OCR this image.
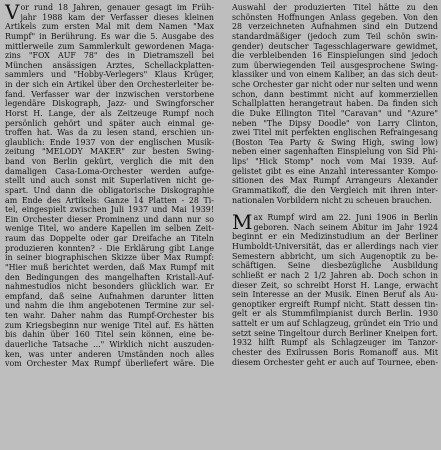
V or rund 18 Jahren, genauer gesagt im Früh-
jahr 1988 kam der Verfasser dieses kleinen
Artikels zum ersten Mal mit dem Namen "Max
Rumpf" in Berührung. Es war die 5. Ausgabe des
mittlerweile zum Sammlerkult gewordenen Maga-
zins "FOX AUF 78" des in Dietramszell bei
München ansässigen Arztes, Schellackplatten-
sammlers und "Hobby-Verlegers" Klaus Krüger,
in der sich ein Artikel über den Orchesterleiter be-
fand. Verfasser war der inzwischen verstorbene
legendäre Diskograph, Jazz- und Swingforscher
Horst H. Lange, der als Zeitzeuge Rumpf noch
persönlich gehört und später auch einmal ge-
troffen hat. Was da zu lesen stand, erschien un-
glaublich: Ende 1937 von der englischen Musik-
zeitung "MELODY MAKER" zur besten Swing-
band von Berlin gekürt, verglich die mit den
damaligen Casa-Loma-Orchester werden aufge-
stellt und auch sonst mit Superlativen nicht ge-
spart. Und dann die obligatorische Diskographie
am Ende des Artikels: Ganze 14 Platten - 28 Ti-
tel, eingespielt zwischen Juli 1937 und Mai 1939!
Ein Orchester dieser Prominenz und dann nur so
wenige Titel, wo andere Kapellen im selben Zeit-
raum das Doppelte oder gar Dreifache an Titeln
produzieren konnten? - Die Erklärung gibt Lange
in seiner biographischen Skizze über Max Rumpf:
"Hier muß berichtet werden, daß Max Rumpf mit
den Bedingungen des mangelhaften Kristall-Auf-
nahmestudios nicht besonders glücklich war. Er
empfand, daß seine Aufnahmen darunter litten
und nahm die ihm angebotenen Termine zur sel-
ten wahr. Daher nahm das Rumpf-Orchester bis
zum Kriegsbeginn nur wenige Titel auf. Es hätten
bis dahin über 160 Titel sein können, eine be-
dauerliche Tatsache ..." Wirklich nicht auszuden-
ken, was unter anderen Umständen noch alles
vom Orchester Max Rumpf überliefert wäre. Die
Auswahl der produzierten Titel hätte zu den
schönsten Hoffnungen Anlass gegeben. Von den
28 verzeichneten Aufnahmen sind ein Dutzend
standardmäßiger (jedoch zum Teil schön swin-
gender) deutscher Tagesschlagerware gewidmet,
die verbleibenden 16 Einspielungen sind jedoch
zum überwiegenden Teil ausgesprochene Swing-
klassiker und von einem Kaliber, an das sich deut-
sche Orchester gar nicht oder nur selten und wenn
schon, dann bestimmt nicht auf kommerziellen
Schallplatten herangetraut haben. Da finden sich
die Duke Ellington Titel "Caravan" und "Azure"
neben "The Dipsy Doodle" von Larry Clinton,
zwei Titel mit perfekten englischen Refraingesang
(Boston Tea Party & Swing High, swing low)
neben einer sagenhaften Einspielung von Sid Phi-
lips' "Hick Stomp" noch vom Mai 1939. Auf-
gelistet gibt es eine Anzahl interessanter Kompo-
sitionen des Max Rumpf Arrangeurs Alexander
Grammatikoff, die den Vergleich mit ihren inter-
nationalen Vorbildern nicht zu scheuen brauchen.
M ax Rumpf wird am 22. Juni 1906 in Berlin
geboren. Nach seinem Abitur im Jahr 1924
beginnt er ein Medizinstudium an der Berliner
Humboldt-Universität, das er allerdings nach vier
Semestern abbricht, um sich Augenoptik zu be-
schäftigen. Seine diesbezügliche Ausbildung
schließt er nach 2 1/2 Jahren ab. Doch schon in
dieser Zeit, so schreibt Horst H. Lange, erwacht
sein Interesse an der Musik. Einen Beruf als Au-
genoptiker ergreift Rumpf nicht. Statt dessen tin-
gelt er als Stummfilmpianist durch Berlin. 1930
sattelt er um auf Schlagzeug, gründet ein Trio und
setzt seine Tingeltour durch Berliner Kneipen fort.
1932 hilft Rumpf als Schlagzeuger im Tanzor-
chester des Exilrussen Boris Romanoff aus. Mit
diesem Orchester geht er auch auf Tournee, eben-
